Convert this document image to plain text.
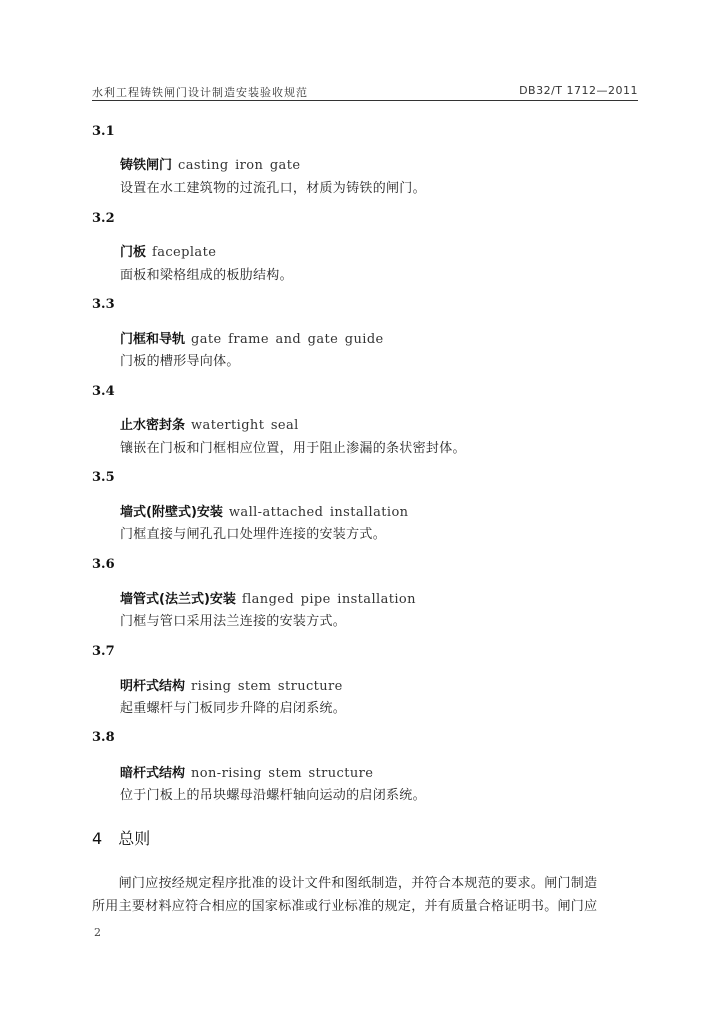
水利工程铸铁闸门设计制造安装验收规范	DB32/T 1712—2011
3.1
铸铁闸门 casting iron gate
设置在水工建筑物的过流孔口，材质为铸铁的闸门。
3.2
门板 faceplate
面板和梁格组成的板肋结构。
3.3
门框和导轨 gate frame and gate guide
门板的槽形导向体。
3.4
止水密封条 watertight seal
镶嵌在门板和门框相应位置，用于阻止渗漏的条状密封体。
3.5
墙式(附壁式)安装 wall-attached installation
门框直接与闸孔孔口处埋件连接的安装方式。
3.6
墙管式(法兰式)安装 flanged pipe installation
门框与管口采用法兰连接的安装方式。
3.7
明杆式结构 rising stem structure
起重螺杆与门板同步升降的启闭系统。
3.8
暗杆式结构 non-rising stem structure
位于门板上的吊块螺母沿螺杆轴向运动的启闭系统。
4 总则
　　闸门应按经规定程序批准的设计文件和图纸制造，并符合本规范的要求。闸门制造
所用主要材料应符合相应的国家标准或行业标准的规定，并有质量合格证明书。闸门应
2
